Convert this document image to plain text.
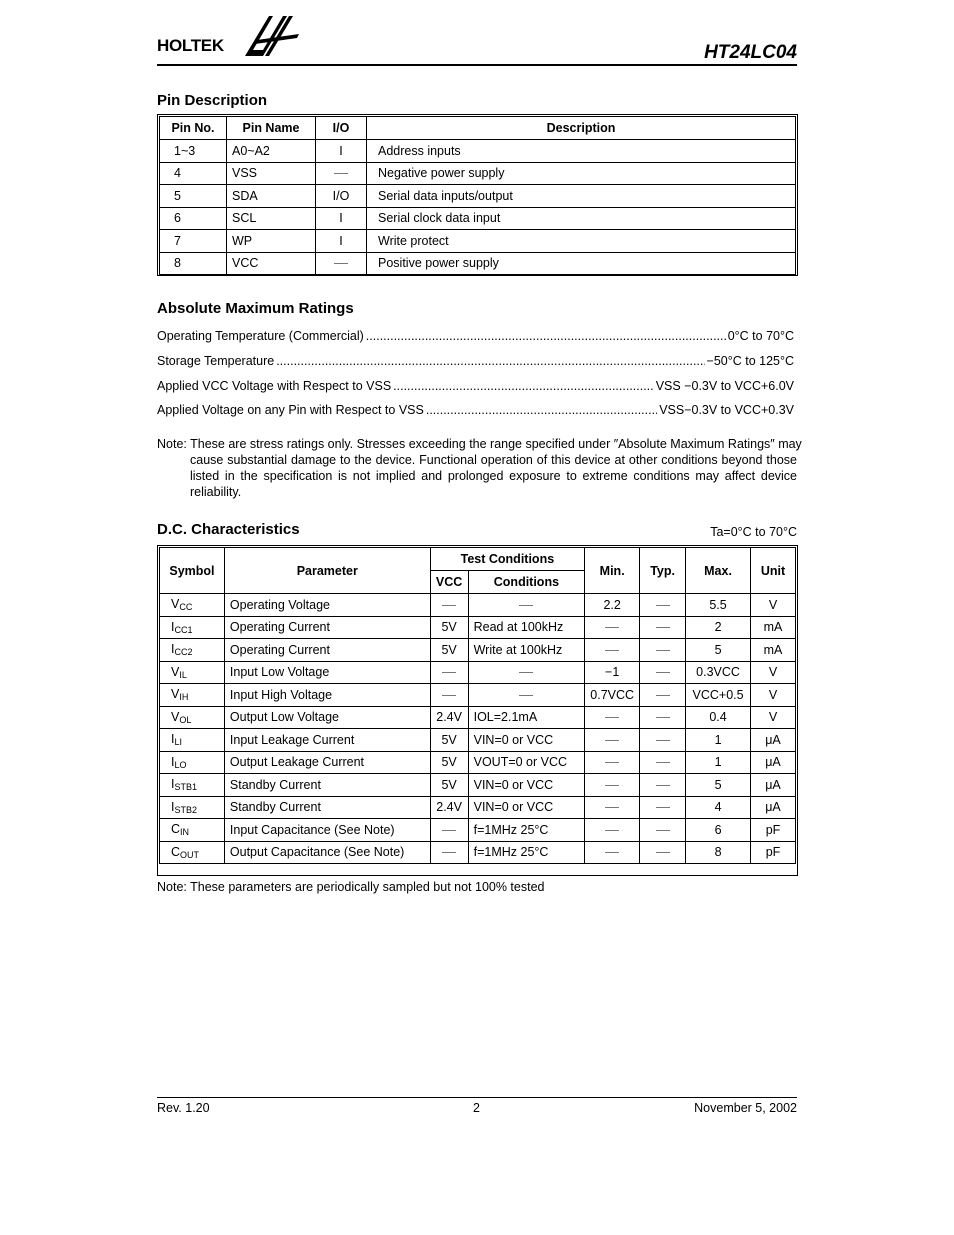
HOLTEK	HT24LC04
Pin Description
Pin No.	Pin Name	I/O	Description
1~3	A0~A2	I	Address inputs
4	VSS		Negative power supply
5	SDA	I/O	Serial data inputs/output
6	SCL	I	Serial clock data input
7	WP	I	Write protect
8	VCC		Positive power supply
Absolute Maximum Ratings
Operating Temperature (Commercial) .....	0°C to 70°C
Storage Temperature .....	−50°C to 125°C
Applied VCC Voltage with Respect to VSS .....	VSS −0.3V to VCC+6.0V
Applied Voltage on any Pin with Respect to VSS .....	VSS−0.3V to VCC+0.3V
Note: These are stress ratings only. Stresses exceeding the range specified under ″Absolute Maximum Ratings″ may
cause substantial damage to the device. Functional operation of this device at other conditions beyond those listed in the specification is not implied and prolonged exposure to extreme conditions may affect device reliability.
D.C. Characteristics	Ta=0°C to 70°C
Symbol	Parameter	Test Conditions		Min.	Typ.	Max.	Unit
		VCC	Conditions				
$V_{CC}$	Operating Voltage			2.2		5.5	V
$I_{CC1}$	Operating Current	5V	Read at 100kHz			2	mA
$I_{CC2}$	Operating Current	5V	Write at 100kHz			5	mA
$V_{IL}$	Input Low Voltage			−1		0.3VCC	V
$V_{IH}$	Input High Voltage			0.7VCC		VCC+0.5	V
$V_{OL}$	Output Low Voltage	2.4V	IOL=2.1mA			0.4	V
$I_{LI}$	Input Leakage Current	5V	VIN=0 or VCC			1	μA
$I_{LO}$	Output Leakage Current	5V	VOUT=0 or VCC			1	μA
$I_{STB1}$	Standby Current	5V	VIN=0 or VCC			5	μA
$I_{STB2}$	Standby Current	2.4V	VIN=0 or VCC			4	μA
$C_{IN}$	Input Capacitance (See Note)		f=1MHz 25°C			6	pF
$C_{OUT}$	Output Capacitance (See Note)		f=1MHz 25°C			8	pF
Note: These parameters are periodically sampled but not 100% tested
Rev. 1.20	2	November 5, 2002
